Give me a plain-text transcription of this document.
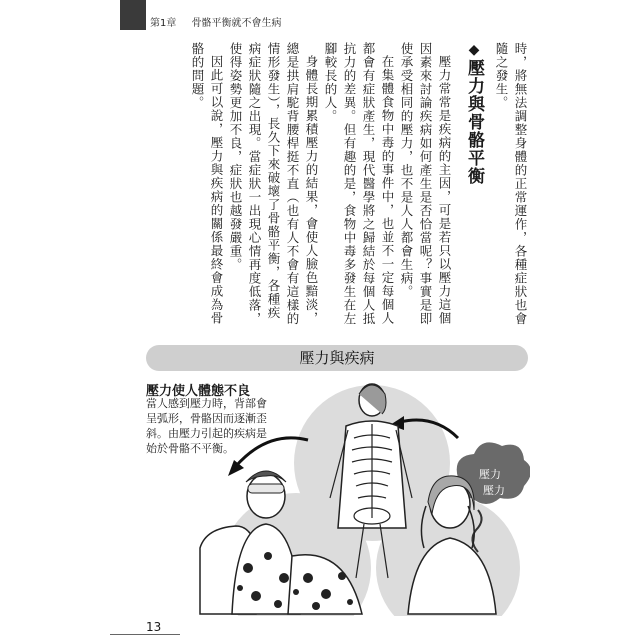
第1章 骨骼平衡就不會生病

時，將無法調整身體的正常運作，各種症狀也會隨之發生。

◆壓力與骨骼平衡

壓力常常是疾病的主因，可是若只以壓力這個因素來討論疾病如何產生是否恰當呢？事實是即使承受相同的壓力，也不是人人都會生病。

在集體食物中毒的事件中，也並不一定每個人都會有症狀產生，現代醫學將之歸結於每個人抵抗力的差異。但有趣的是，食物中毒多發生在左腳較長的人。

身體長期累積壓力的結果，會使人臉色黯淡，總是拱肩駝背腰桿挺不直（也有人不會有這樣的情形發生），長久下來破壞了骨骼平衡，各種疾病症狀隨之出現。當症狀一出現心情再度低落，使得姿勢更加不良，症狀也越發嚴重。

因此可以說，壓力與疾病的關係最終會成為骨骼的問題。

壓力與疾病
壓力使人體態不良
當人感到壓力時，背部會呈弧形，骨骼因而逐漸歪斜。由壓力引起的疾病是始於骨骼不平衡。
壓力
壓力
13
